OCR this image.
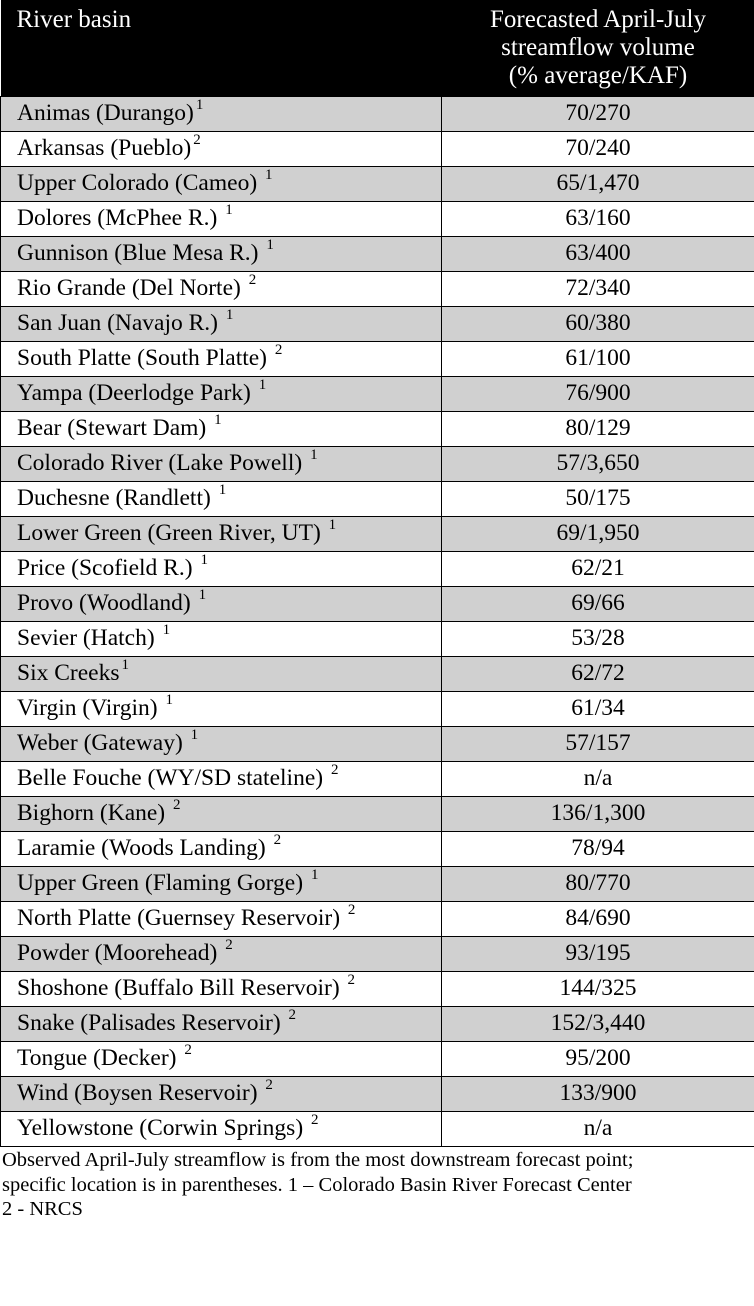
River basin	Forecasted April-July
streamflow volume
(% average/KAF)

Animas (Durango) $^1$	70/270
Arkansas (Pueblo) $^2$	70/240
Upper Colorado (Cameo) $^1$	65/1,470
Dolores (McPhee R.) $^1$	63/160
Gunnison (Blue Mesa R.) $^1$	63/400
Rio Grande (Del Norte) $^2$	72/340
San Juan (Navajo R.) $^1$	60/380
South Platte (South Platte) $^2$	61/100
Yampa (Deerlodge Park) $^1$	76/900
Bear (Stewart Dam) $^1$	80/129
Colorado River (Lake Powell) $^1$	57/3,650
Duchesne (Randlett) $^1$	50/175
Lower Green (Green River, UT) $^1$	69/1,950
Price (Scofield R.) $^1$	62/21
Provo (Woodland) $^1$	69/66
Sevier (Hatch) $^1$	53/28
Six Creeks $^1$	62/72
Virgin (Virgin) $^1$	61/34
Weber (Gateway) $^1$	57/157
Belle Fouche (WY/SD stateline) $^2$	n/a
Bighorn (Kane) $^2$	136/1,300
Laramie (Woods Landing) $^2$	78/94
Upper Green (Flaming Gorge) $^1$	80/770
North Platte (Guernsey Reservoir) $^2$	84/690
Powder (Moorehead) $^2$	93/195
Shoshone (Buffalo Bill Reservoir) $^2$	144/325
Snake (Palisades Reservoir) $^2$	152/3,440
Tongue (Decker) $^2$	95/200
Wind (Boysen Reservoir) $^2$	133/900
Yellowstone (Corwin Springs) $^2$	n/a
Observed April-July streamflow is from the most downstream forecast point;
specific location is in parentheses. 1 – Colorado Basin River Forecast Center
2 - NRCS
